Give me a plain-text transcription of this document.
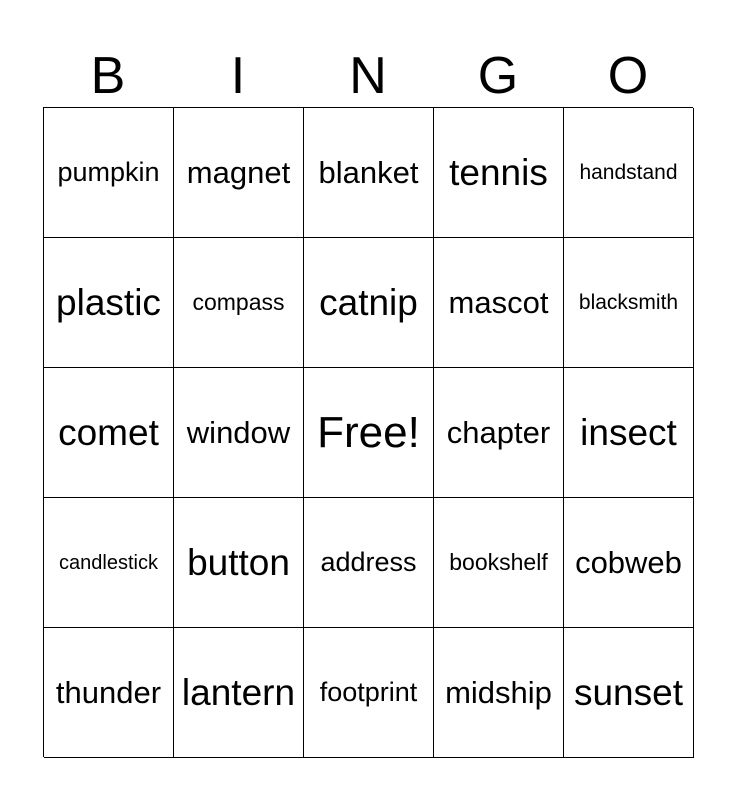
B	I	N	G	O
pumpkin magnet blanket tennis	handstand
plastic	compass catnip mascot	blacksmith
comet window Free! chapter insect
candlestick button	address	bookshelf cobweb
thunder lantern footprint midship sunset
